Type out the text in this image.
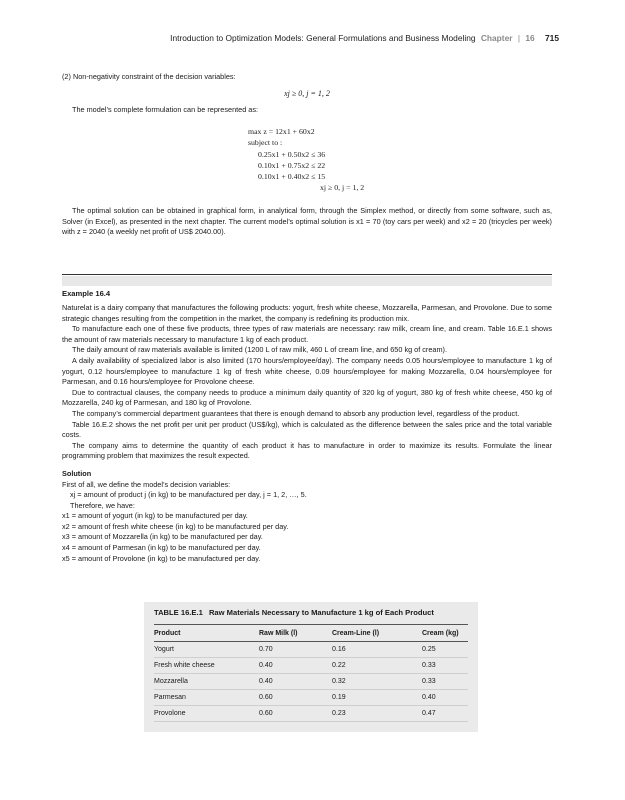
Introduction to Optimization Models: General Formulations and Business Modeling Chapter | 16 715

(2) Non-negativity constraint of the decision variables:

xj ≥ 0, j = 1, 2

The model’s complete formulation can be represented as:

max z = 12x1 + 60x2
subject to :
0.25x1 + 0.50x2 ≤ 36
0.10x1 + 0.75x2 ≤ 22
0.10x1 + 0.40x2 ≤ 15
xj ≥ 0, j = 1, 2

The optimal solution can be obtained in graphical form, in analytical form, through the Simplex method, or directly from some software, such as, Solver (in Excel), as presented in the next chapter. The current model’s optimal solution is x1 = 70 (toy cars per week) and x2 = 20 (tricycles per week) with z = 2040 (a weekly net profit of US$ 2040.00).

Example 16.4

Naturelat is a dairy company that manufactures the following products: yogurt, fresh white cheese, Mozzarella, Parmesan, and Provolone. Due to some strategic changes resulting from the competition in the market, the company is redefining its production mix.

To manufacture each one of these five products, three types of raw materials are necessary: raw milk, cream line, and cream. Table 16.E.1 shows the amount of raw materials necessary to manufacture 1 kg of each product.

The daily amount of raw materials available is limited (1200 L of raw milk, 460 L of cream line, and 650 kg of cream).

A daily availability of specialized labor is also limited (170 hours/employee/day). The company needs 0.05 hours/employee to manufacture 1 kg of yogurt, 0.12 hours/employee to manufacture 1 kg of fresh white cheese, 0.09 hours/employee for making Mozzarella, 0.04 hours/employee for Parmesan, and 0.16 hours/employee for Provolone cheese.

Due to contractual clauses, the company needs to produce a minimum daily quantity of 320 kg of yogurt, 380 kg of fresh white cheese, 450 kg of Mozzarella, 240 kg of Parmesan, and 180 kg of Provolone.

The company’s commercial department guarantees that there is enough demand to absorb any production level, regardless of the product.

Table 16.E.2 shows the net profit per unit per product (US$/kg), which is calculated as the difference between the sales price and the total variable costs.

The company aims to determine the quantity of each product it has to manufacture in order to maximize its results. Formulate the linear programming problem that maximizes the result expected.

Solution

First of all, we define the model’s decision variables:

xj = amount of product j (in kg) to be manufactured per day, j = 1, 2, …, 5.

Therefore, we have:

x1 = amount of yogurt (in kg) to be manufactured per day.

x2 = amount of fresh white cheese (in kg) to be manufactured per day.

x3 = amount of Mozzarella (in kg) to be manufactured per day.

x4 = amount of Parmesan (in kg) to be manufactured per day.

x5 = amount of Provolone (in kg) to be manufactured per day.

TABLE 16.E.1 Raw Materials Necessary to Manufacture 1 kg of Each Product
Product	Raw Milk (l)	Cream-Line (l)	Cream (kg)
Yogurt	0.70	0.16	0.25
Fresh white cheese	0.40	0.22	0.33
Mozzarella	0.40	0.32	0.33
Parmesan	0.60	0.19	0.40
Provolone	0.60	0.23	0.47
